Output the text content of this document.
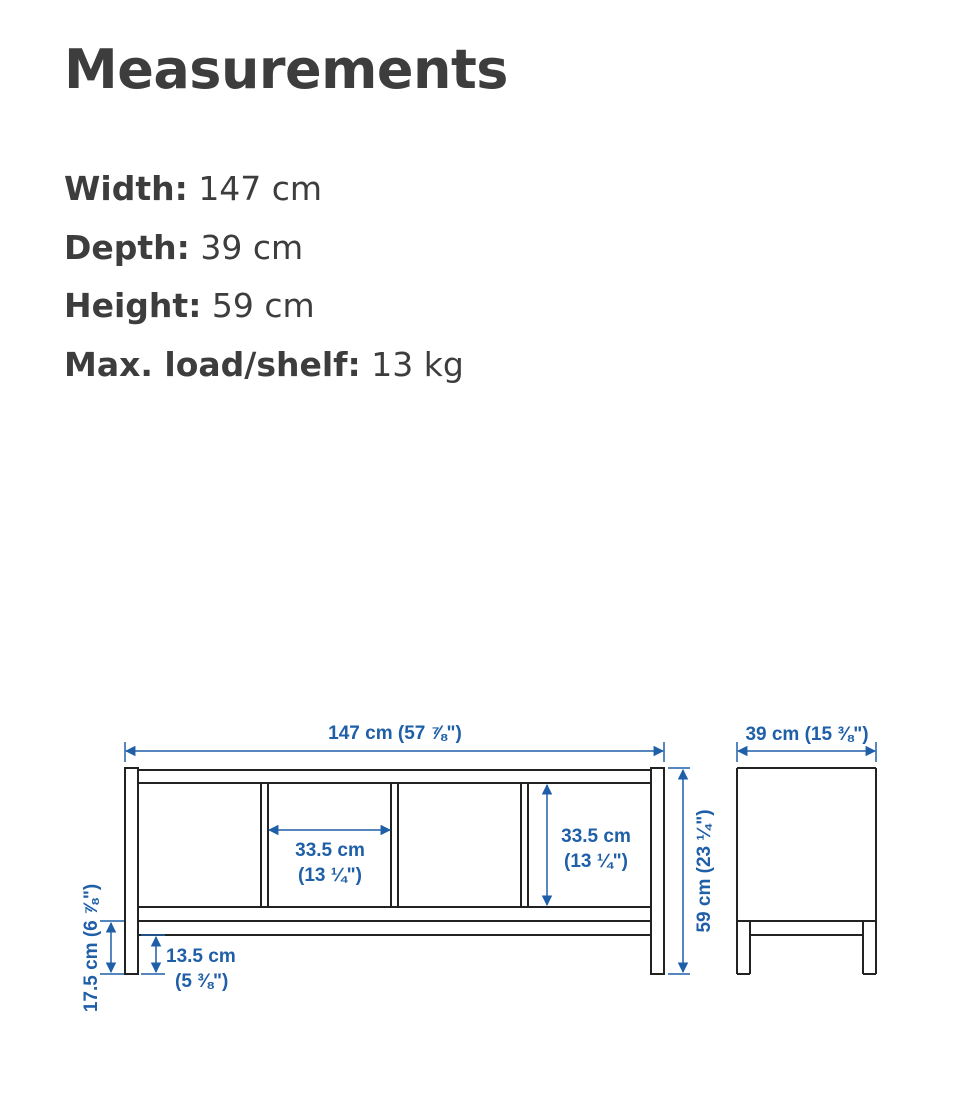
Measurements
Width: 147 cm
Depth: 39 cm
Height: 59 cm
Max. load/shelf: 13 kg
147 cm (57 ⅞")	39 cm (15 ⅜")
33.5 cm
(13 ¼")
33.5 cm
(13 ¼")
13.5 cm
(5 ⅜")
59 cm (23 ¼")
17.5 cm (6 ⅞")
